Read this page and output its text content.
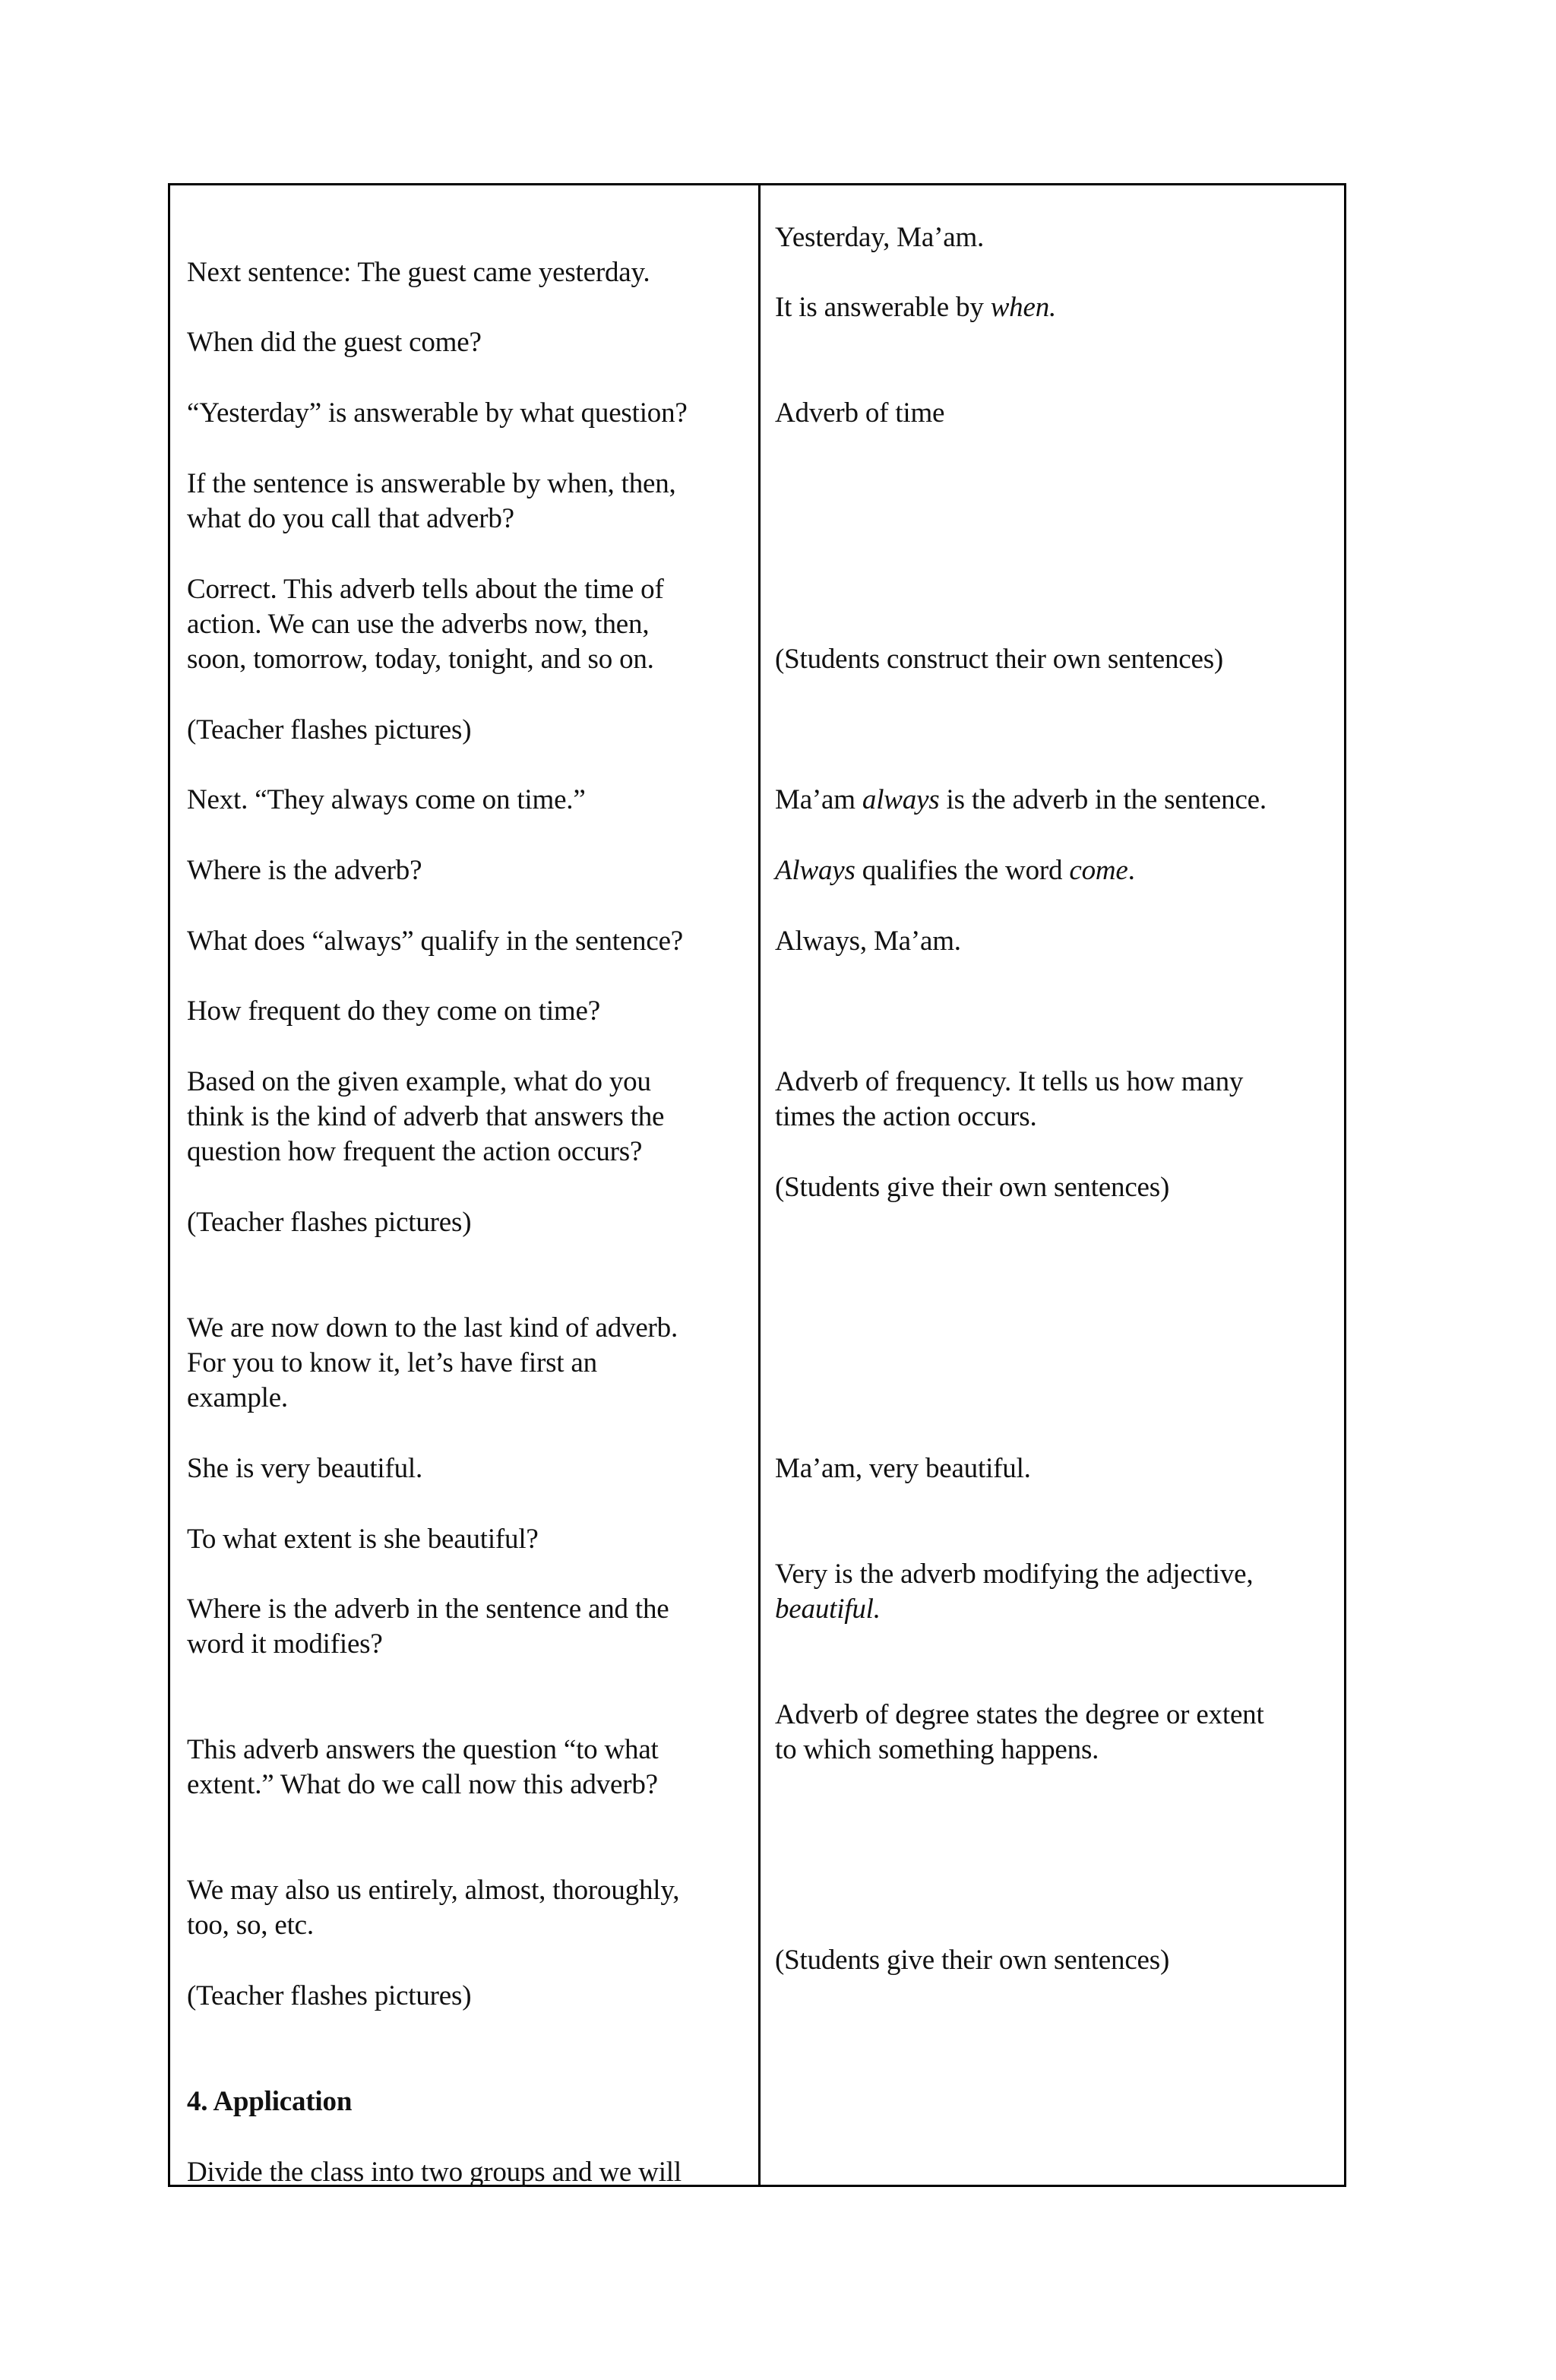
Next sentence: The guest came yesterday.
When did the guest come?
“Yesterday” is answerable by what question?
If the sentence is answerable by when, then,
what do you call that adverb?
Correct. This adverb tells about the time of
action. We can use the adverbs now, then,
soon, tomorrow, today, tonight, and so on.
(Teacher flashes pictures)
Next. “They always come on time.”
Where is the adverb?
What does “always” qualify in the sentence?
How frequent do they come on time?
Based on the given example, what do you
think is the kind of adverb that answers the
question how frequent the action occurs?
(Teacher flashes pictures)
We are now down to the last kind of adverb.
For you to know it, let’s have first an
example.
She is very beautiful.
To what extent is she beautiful?
Where is the adverb in the sentence and the
word it modifies?
This adverb answers the question “to what
extent.” What do we call now this adverb?
We may also us entirely, almost, thoroughly,
too, so, etc.
(Teacher flashes pictures)
4. Application
Divide the class into two groups and we will
Yesterday, Ma’am.
It is answerable by when.
Adverb of time
(Students construct their own sentences)
Ma’am always is the adverb in the sentence.
Always qualifies the word come.
Always, Ma’am.
Adverb of frequency. It tells us how many
times the action occurs.
(Students give their own sentences)
Ma’am, very beautiful.
Very is the adverb modifying the adjective,
beautiful.
Adverb of degree states the degree or extent
to which something happens.
(Students give their own sentences)
